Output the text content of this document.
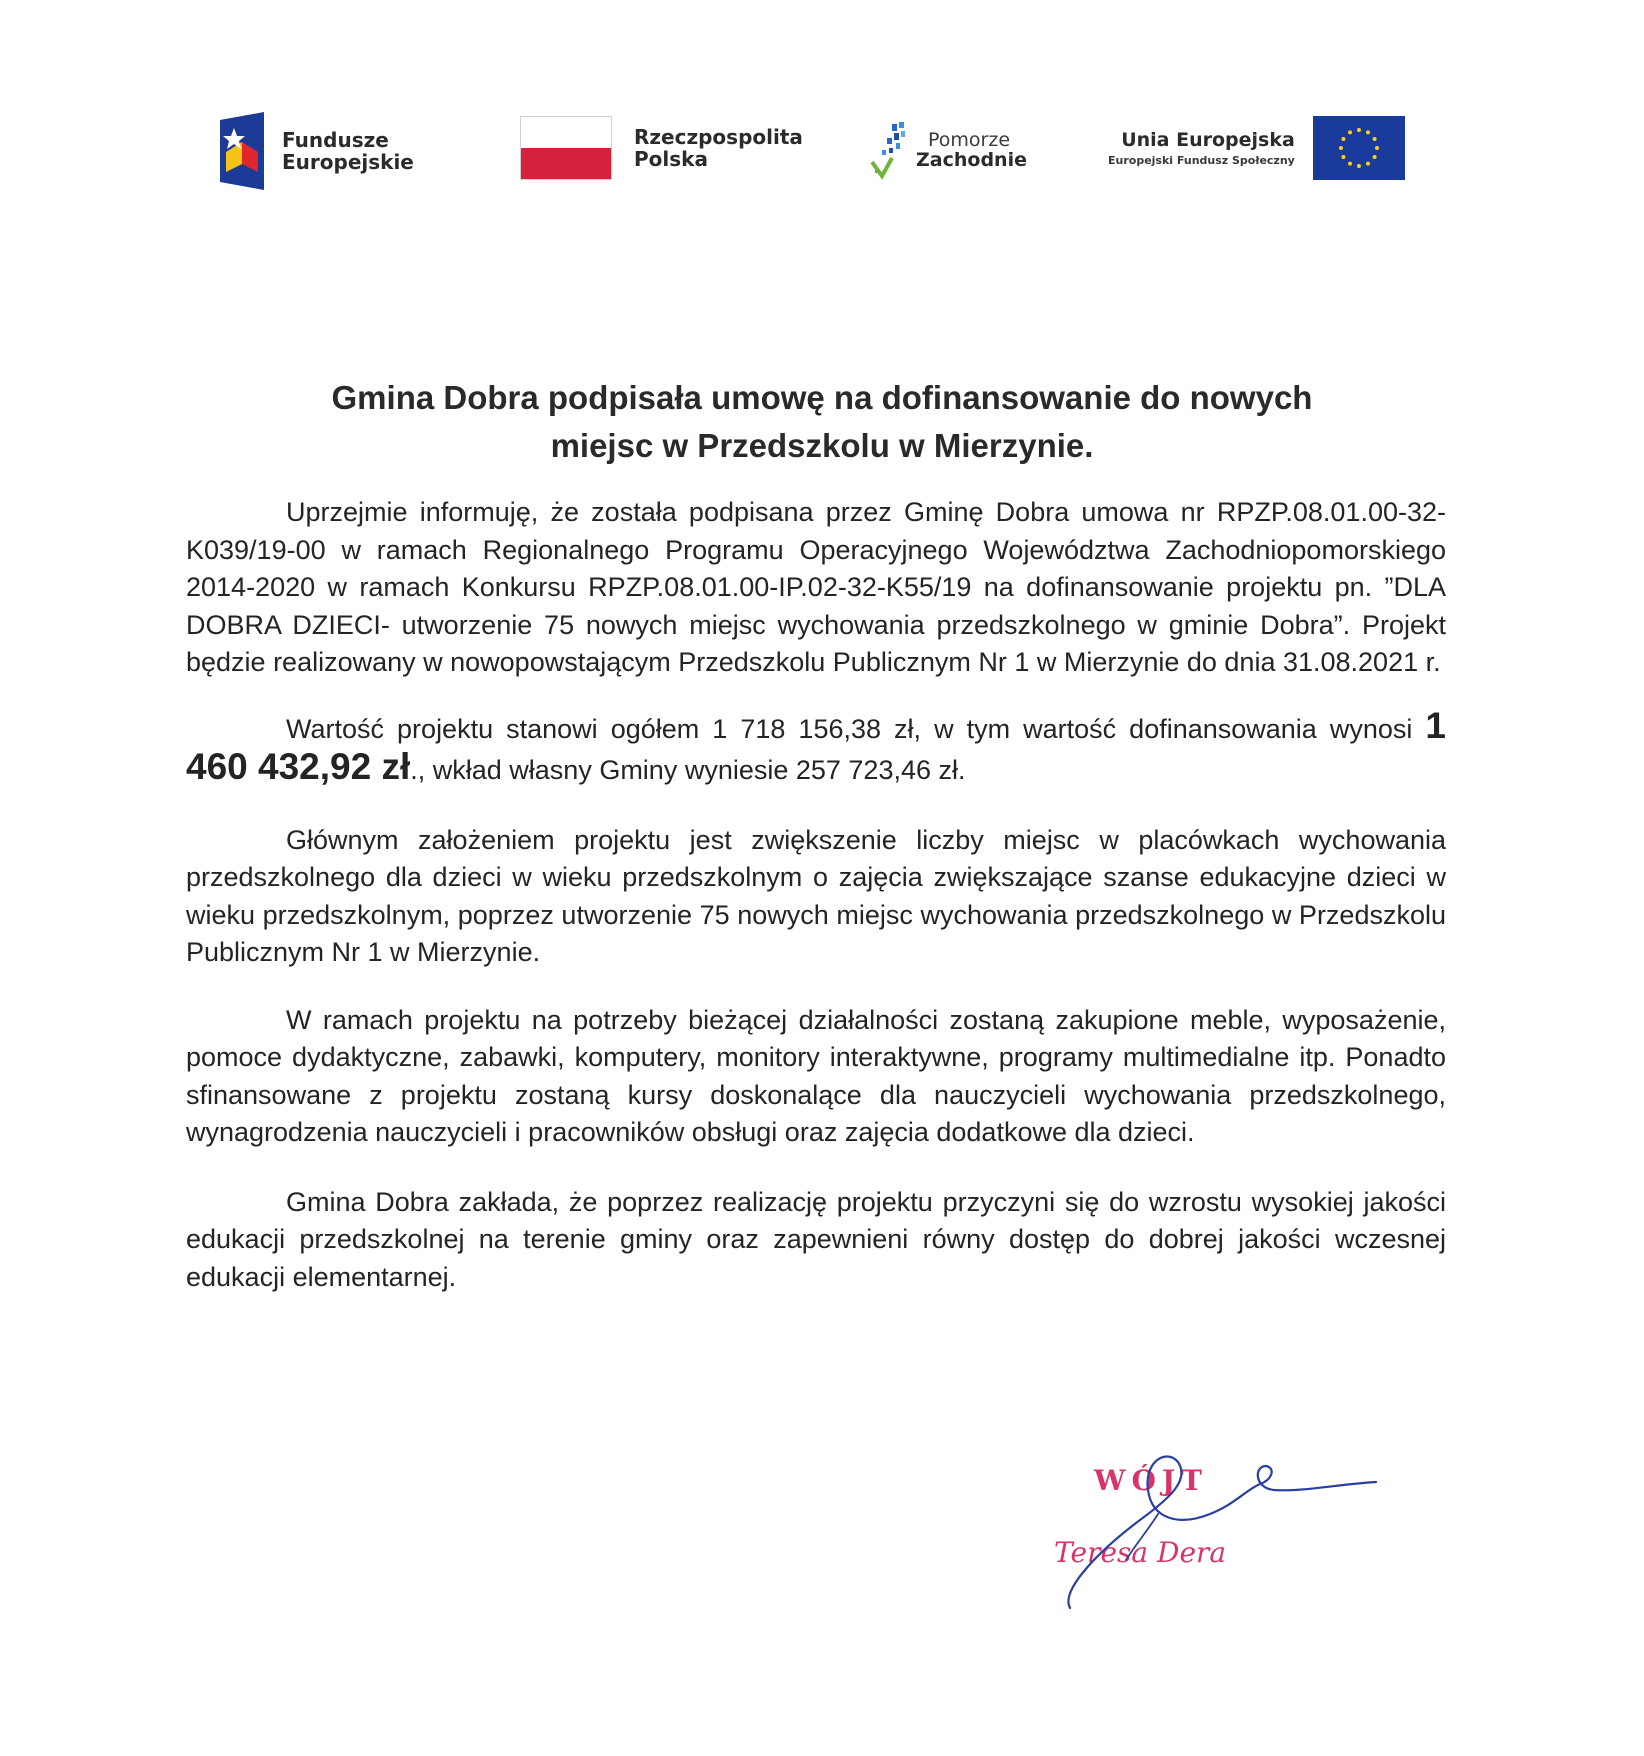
Fundusze
Europejskie
Rzeczpospolita
Polska
Pomorze
Zachodnie
Unia Europejska
Europejski Fundusz Społeczny
Gmina Dobra podpisała umowę na dofinansowanie do nowych
miejsc w Przedszkolu w Mierzynie.

Uprzejmie informuję, że została podpisana przez Gminę Dobra umowa nr RPZP.08.01.00-32-K039/19-00 w ramach Regionalnego Programu Operacyjnego Województwa Zachodniopomorskiego 2014-2020 w ramach Konkursu RPZP.08.01.00-IP.02-32-K55/19 na dofinansowanie projektu pn. ”DLA DOBRA DZIECI- utworzenie 75 nowych miejsc wychowania przedszkolnego w gminie Dobra”. Projekt będzie realizowany w nowopowstającym Przedszkolu Publicznym Nr 1 w Mierzynie do dnia 31.08.2021 r.

Wartość projektu stanowi ogółem 1 718 156,38 zł, w tym wartość dofinansowania wynosi 1 460 432,92 zł., wkład własny Gminy wyniesie 257 723,46 zł.

Głównym założeniem projektu jest zwiększenie liczby miejsc w placówkach wychowania przedszkolnego dla dzieci w wieku przedszkolnym o zajęcia zwiększające szanse edukacyjne dzieci w wieku przedszkolnym, poprzez utworzenie 75 nowych miejsc wychowania przedszkolnego w Przedszkolu Publicznym Nr 1 w Mierzynie.

W ramach projektu na potrzeby bieżącej działalności zostaną zakupione meble, wyposażenie, pomoce dydaktyczne, zabawki, komputery, monitory interaktywne, programy multimedialne itp. Ponadto sfinansowane z projektu zostaną kursy doskonalące dla nauczycieli wychowania przedszkolnego, wynagrodzenia nauczycieli i pracowników obsługi oraz zajęcia dodatkowe dla dzieci.

Gmina Dobra zakłada, że poprzez realizację projektu przyczyni się do wzrostu wysokiej jakości edukacji przedszkolnej na terenie gminy oraz zapewnieni równy dostęp do dobrej jakości wczesnej edukacji elementarnej.

WÓJT
Teresa Dera
